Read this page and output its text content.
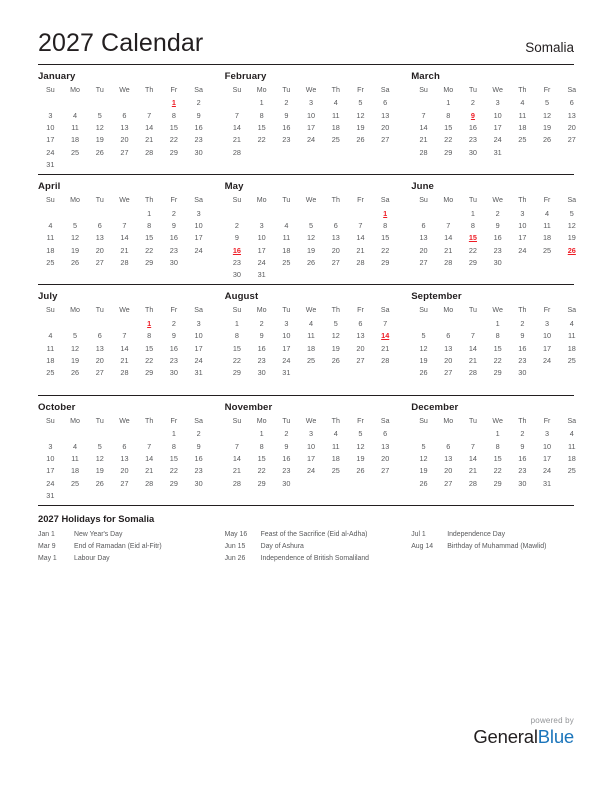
2027 Calendar	Somalia
January
Su	Mo	Tu	We	Th	Fr	Sa
					1	2
3	4	5	6	7	8	9
10	11	12	13	14	15	16
17	18	19	20	21	22	23
24	25	26	27	28	29	30
31						
February
Su	Mo	Tu	We	Th	Fr	Sa
	1	2	3	4	5	6
7	8	9	10	11	12	13
14	15	16	17	18	19	20
21	22	23	24	25	26	27
28						

March
Su	Mo	Tu	We	Th	Fr	Sa
	1	2	3	4	5	6
7	8	9	10	11	12	13
14	15	16	17	18	19	20
21	22	23	24	25	26	27
28	29	30	31			

April
Su	Mo	Tu	We	Th	Fr	Sa
				1	2	3
4	5	6	7	8	9	10
11	12	13	14	15	16	17
18	19	20	21	22	23	24
25	26	27	28	29	30	

May
Su	Mo	Tu	We	Th	Fr	Sa
						1
2	3	4	5	6	7	8
9	10	11	12	13	14	15
16	17	18	19	20	21	22
23	24	25	26	27	28	29
30	31					
June
Su	Mo	Tu	We	Th	Fr	Sa
		1	2	3	4	5
6	7	8	9	10	11	12
13	14	15	16	17	18	19
20	21	22	23	24	25	26
27	28	29	30			

July
Su	Mo	Tu	We	Th	Fr	Sa
				1	2	3
4	5	6	7	8	9	10
11	12	13	14	15	16	17
18	19	20	21	22	23	24
25	26	27	28	29	30	31

August
Su	Mo	Tu	We	Th	Fr	Sa
1	2	3	4	5	6	7
8	9	10	11	12	13	14
15	16	17	18	19	20	21
22	23	24	25	26	27	28
29	30	31				

September
Su	Mo	Tu	We	Th	Fr	Sa
			1	2	3	4
5	6	7	8	9	10	11
12	13	14	15	16	17	18
19	20	21	22	23	24	25
26	27	28	29	30		

October
Su	Mo	Tu	We	Th	Fr	Sa
					1	2
3	4	5	6	7	8	9
10	11	12	13	14	15	16
17	18	19	20	21	22	23
24	25	26	27	28	29	30
31						
November
Su	Mo	Tu	We	Th	Fr	Sa
	1	2	3	4	5	6
7	8	9	10	11	12	13
14	15	16	17	18	19	20
21	22	23	24	25	26	27
28	29	30				

December
Su	Mo	Tu	We	Th	Fr	Sa
			1	2	3	4
5	6	7	8	9	10	11
12	13	14	15	16	17	18
19	20	21	22	23	24	25
26	27	28	29	30	31	

2027 Holidays for Somalia
Jan 1	New Year's Day
Mar 9	End of Ramadan (Eid al-Fitr)
May 1	Labour Day
May 16	Feast of the Sacrifice (Eid al-Adha)
Jun 15	Day of Ashura
Jun 26	Independence of British Somaliland
Jul 1	Independence Day
Aug 14	Birthday of Muhammad (Mawlid)
powered by
GeneralBlue
